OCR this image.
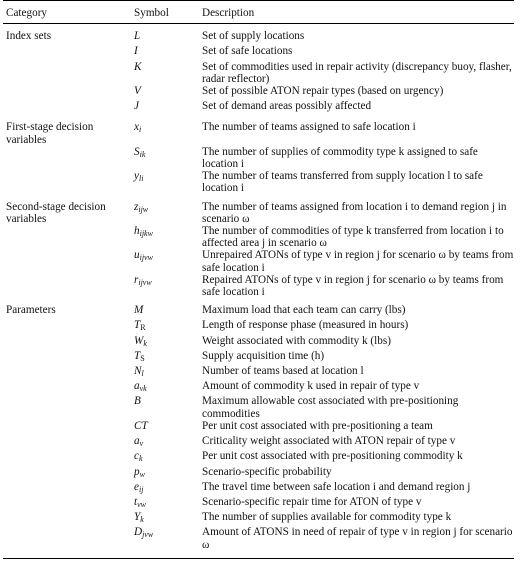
Category	Symbol	Description
Index sets	L	Set of supply locations
	I	Set of safe locations
	K	Set of commodities used in repair activity (discrepancy buoy, flasher, radar reflector)
	V	Set of possible ATON repair types (based on urgency)
	J	Set of demand areas possibly affected
First-stage decision variables	$x_i$	The number of teams assigned to safe location i
	$S_{ik}$	The number of supplies of commodity type k assigned to safe location i
	$y_{li}$	The number of teams transferred from supply location l to safe location i
Second-stage decision variables	$z_{ijw}$	The number of teams assigned from location i to demand region j in scenario ω
	$h_{ijkw}$	The number of commodities of type k transferred from location i to affected area j in scenario ω
	$u_{ijvw}$	Unrepaired ATONs of type v in region j for scenario ω by teams from safe location i
	$r_{ijvw}$	Repaired ATONs of type v in region j for scenario ω by teams from safe location i
Parameters	M	Maximum load that each team can carry (lbs)
	$T_R$	Length of response phase (measured in hours)
	$W_k$	Weight associated with commodity k (lbs)
	$T_S$	Supply acquisition time (h)
	$N_l$	Number of teams based at location l
	$a_{vk}$	Amount of commodity k used in repair of type v
	B	Maximum allowable cost associated with pre-positioning commodities
	CT	Per unit cost associated with pre-positioning a team
	$a_v$	Criticality weight associated with ATON repair of type v
	$c_k$	Per unit cost associated with pre-positioning commodity k
	$p_w$	Scenario-specific probability
	$e_{ij}$	The travel time between safe location i and demand region j
	$t_{vw}$	Scenario-specific repair time for ATON of type v
	$Y_k$	The number of supplies available for commodity type k
	$D_{jvw}$	Amount of ATONS in need of repair of type v in region j for scenario ω
